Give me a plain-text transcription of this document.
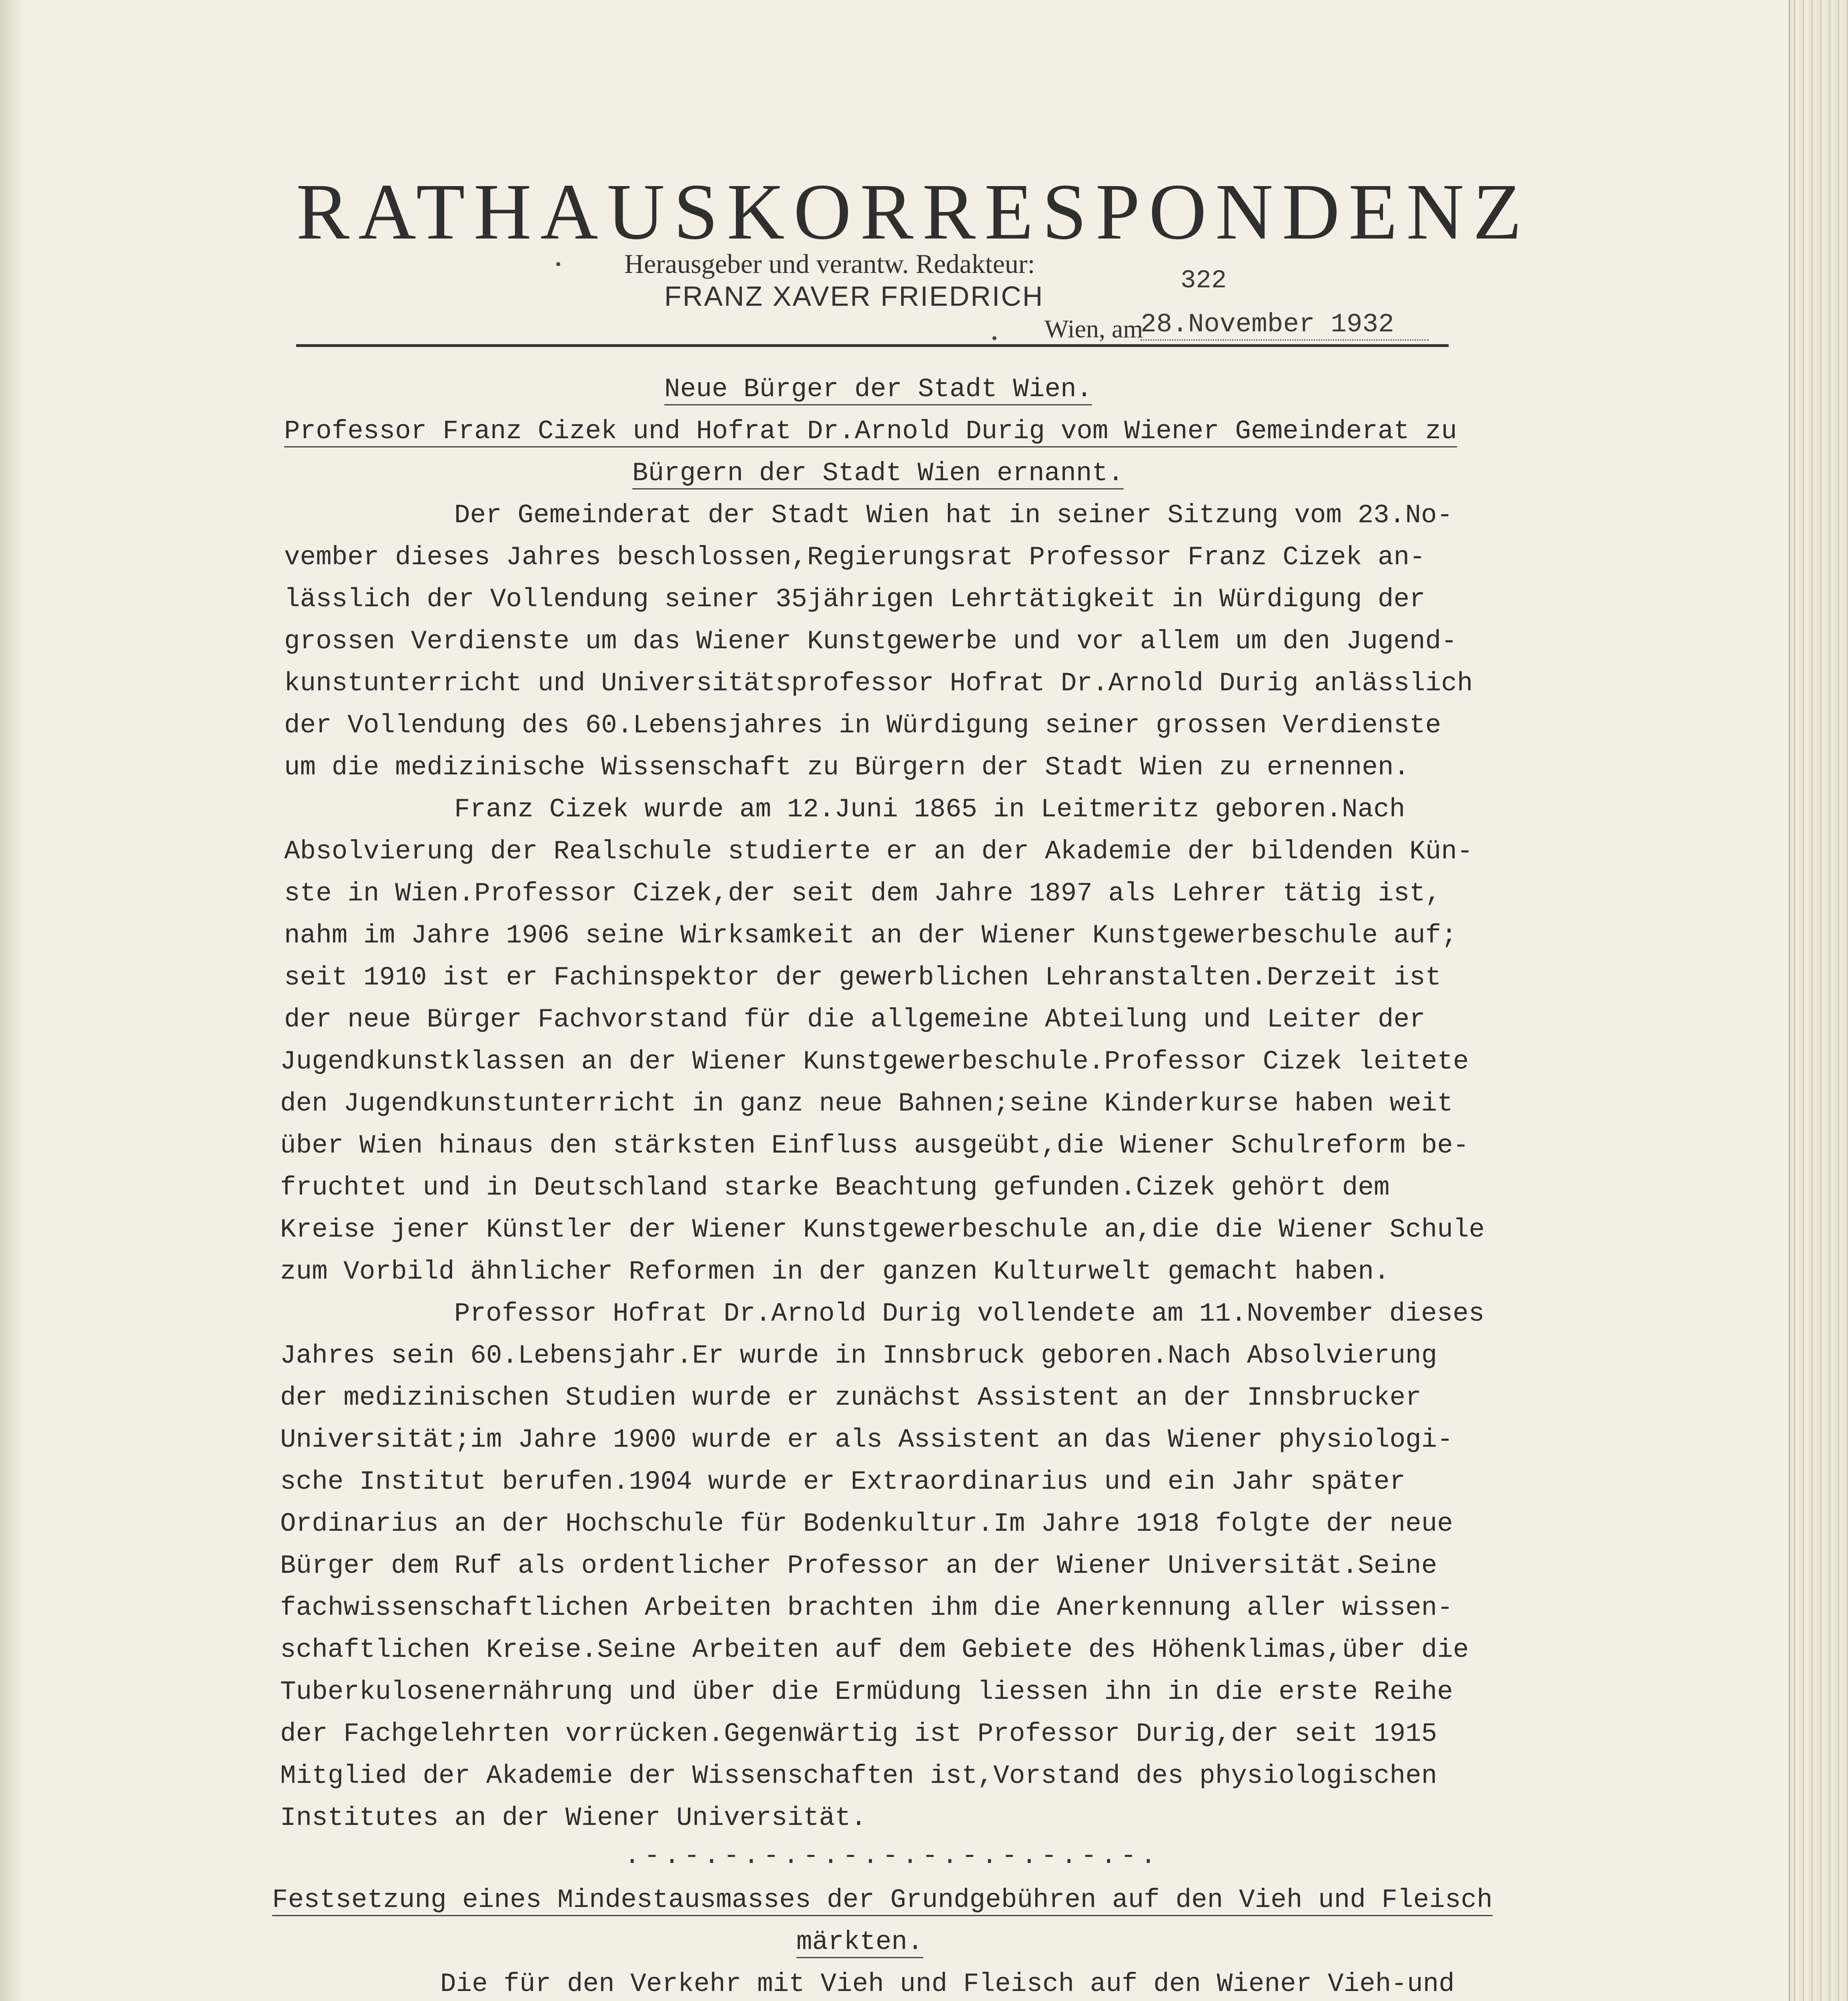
RATHAUSKORRESPONDENZ
Herausgeber und verantw. Redakteur:
FRANZ XAVER FRIEDRICH	322
Wien, am
28.November 1932
Neue Bürger der Stadt Wien.
Professor Franz Cizek und Hofrat Dr.Arnold Durig vom Wiener Gemeinderat zu
Bürgern der Stadt Wien ernannt.
Der Gemeinderat der Stadt Wien hat in seiner Sitzung vom 23.No-
vember dieses Jahres beschlossen,Regierungsrat Professor Franz Cizek an-
lässlich der Vollendung seiner 35jährigen Lehrtätigkeit in Würdigung der
grossen Verdienste um das Wiener Kunstgewerbe und vor allem um den Jugend-
kunstunterricht und Universitätsprofessor Hofrat Dr.Arnold Durig anlässlich
der Vollendung des 60.Lebensjahres in Würdigung seiner grossen Verdienste
um die medizinische Wissenschaft zu Bürgern der Stadt Wien zu ernennen.
Franz Cizek wurde am 12.Juni 1865 in Leitmeritz geboren.Nach
Absolvierung der Realschule studierte er an der Akademie der bildenden Kün-
ste in Wien.Professor Cizek,der seit dem Jahre 1897 als Lehrer tätig ist,
nahm im Jahre 1906 seine Wirksamkeit an der Wiener Kunstgewerbeschule auf;
seit 1910 ist er Fachinspektor der gewerblichen Lehranstalten.Derzeit ist
der neue Bürger Fachvorstand für die allgemeine Abteilung und Leiter der
Jugendkunstklassen an der Wiener Kunstgewerbeschule.Professor Cizek leitete
den Jugendkunstunterricht in ganz neue Bahnen;seine Kinderkurse haben weit
über Wien hinaus den stärksten Einfluss ausgeübt,die Wiener Schulreform be-
fruchtet und in Deutschland starke Beachtung gefunden.Cizek gehört dem
Kreise jener Künstler der Wiener Kunstgewerbeschule an,die die Wiener Schule
zum Vorbild ähnlicher Reformen in der ganzen Kulturwelt gemacht haben.
Professor Hofrat Dr.Arnold Durig vollendete am 11.November dieses
Jahres sein 60.Lebensjahr.Er wurde in Innsbruck geboren.Nach Absolvierung
der medizinischen Studien wurde er zunächst Assistent an der Innsbrucker
Universität;im Jahre 1900 wurde er als Assistent an das Wiener physiologi-
sche Institut berufen.1904 wurde er Extraordinarius und ein Jahr später
Ordinarius an der Hochschule für Bodenkultur.Im Jahre 1918 folgte der neue
Bürger dem Ruf als ordentlicher Professor an der Wiener Universität.Seine
fachwissenschaftlichen Arbeiten brachten ihm die Anerkennung aller wissen-
schaftlichen Kreise.Seine Arbeiten auf dem Gebiete des Höhenklimas,über die
Tuberkulosenernährung und über die Ermüdung liessen ihn in die erste Reihe
der Fachgelehrten vorrücken.Gegenwärtig ist Professor Durig,der seit 1915
Mitglied der Akademie der Wissenschaften ist,Vorstand des physiologischen
Institutes an der Wiener Universität.
.-.-.-.-.-.-.-.-.-.-.-.-.-.
Festsetzung eines Mindestausmasses der Grundgebühren auf den Vieh und Fleisch
märkten.
Die für den Verkehr mit Vieh und Fleisch auf den Wiener Vieh-und
